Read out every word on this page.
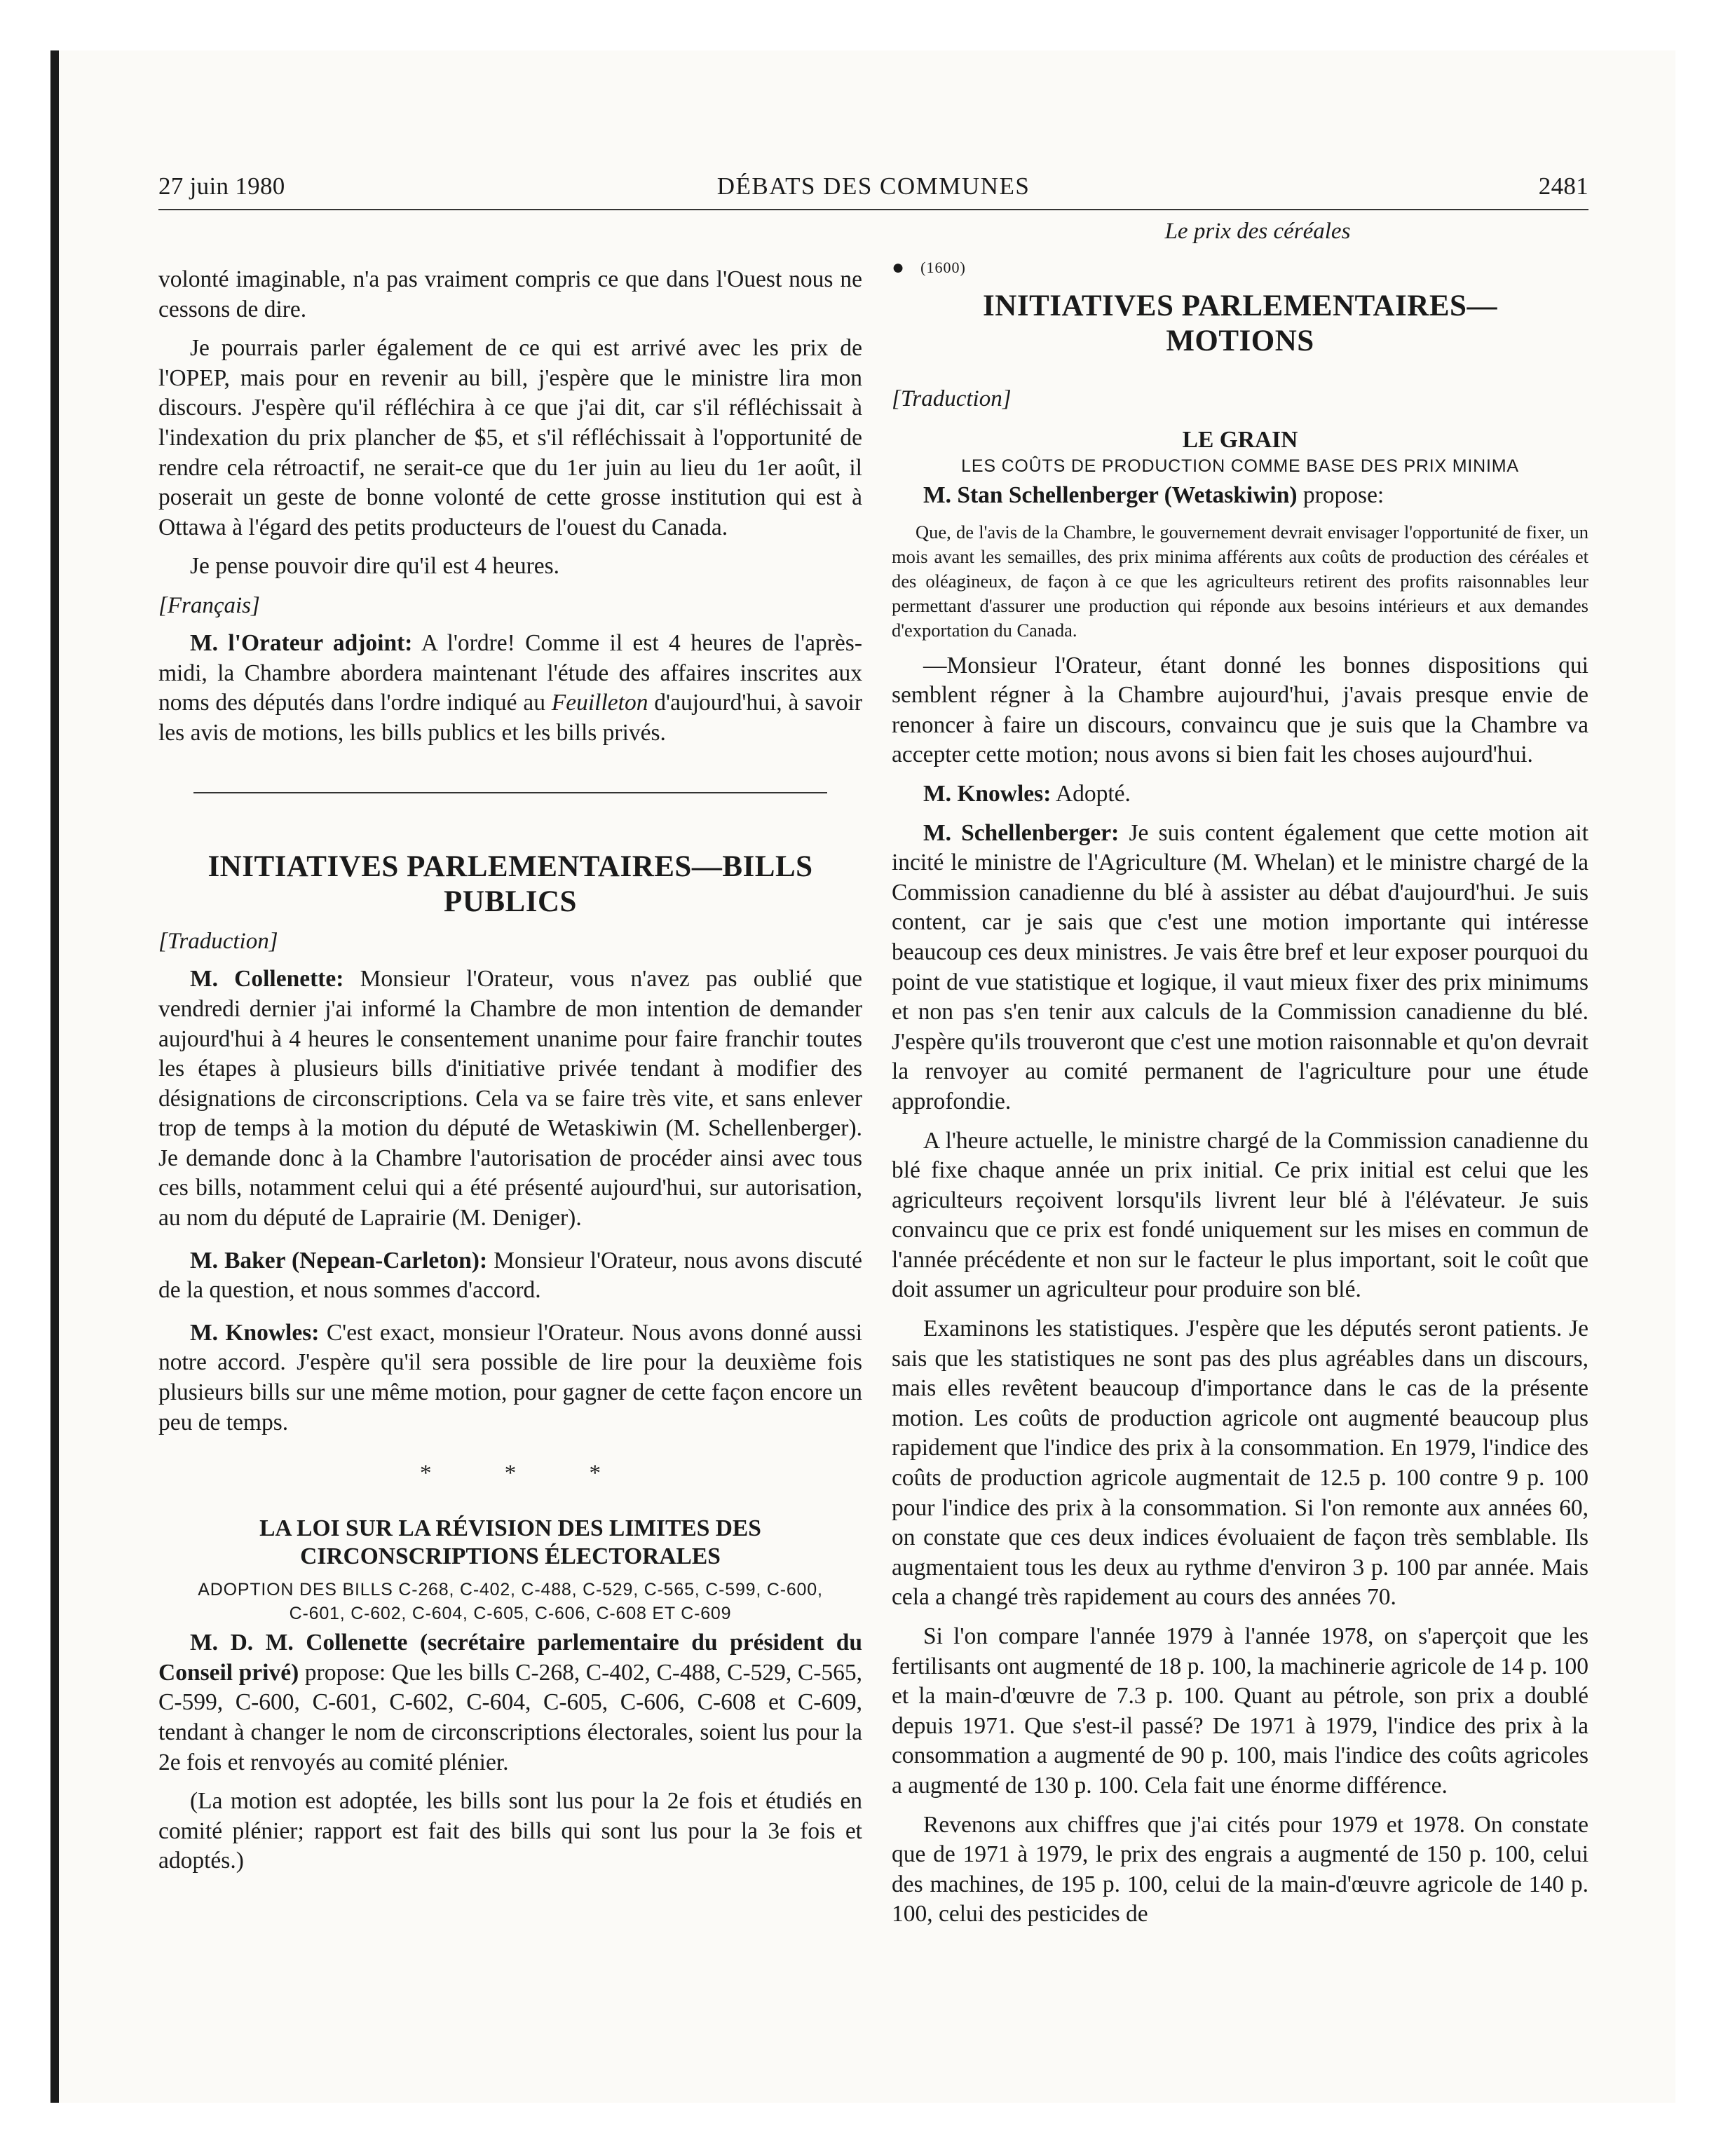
27 juin 1980	DÉBATS DES COMMUNES	2481

volonté imaginable, n'a pas vraiment compris ce que dans l'Ouest nous ne cessons de dire.

Je pourrais parler également de ce qui est arrivé avec les prix de l'OPEP, mais pour en revenir au bill, j'espère que le ministre lira mon discours. J'espère qu'il réfléchira à ce que j'ai dit, car s'il réfléchissait à l'indexation du prix plancher de $5, et s'il réfléchissait à l'opportunité de rendre cela rétroactif, ne serait-ce que du 1er juin au lieu du 1er août, il poserait un geste de bonne volonté de cette grosse institution qui est à Ottawa à l'égard des petits producteurs de l'ouest du Canada.

Je pense pouvoir dire qu'il est 4 heures.

[Français]

M. l'Orateur adjoint: A l'ordre! Comme il est 4 heures de l'après-midi, la Chambre abordera maintenant l'étude des affaires inscrites aux noms des députés dans l'ordre indiqué au Feuilleton d'aujourd'hui, à savoir les avis de motions, les bills publics et les bills privés.

INITIATIVES PARLEMENTAIRES—BILLS
PUBLICS

[Traduction]

M. Collenette: Monsieur l'Orateur, vous n'avez pas oublié que vendredi dernier j'ai informé la Chambre de mon intention de demander aujourd'hui à 4 heures le consentement unanime pour faire franchir toutes les étapes à plusieurs bills d'initiative privée tendant à modifier des désignations de circonscriptions. Cela va se faire très vite, et sans enlever trop de temps à la motion du député de Wetaskiwin (M. Schellenberger). Je demande donc à la Chambre l'autorisation de procéder ainsi avec tous ces bills, notamment celui qui a été présenté aujourd'hui, sur autorisation, au nom du député de Laprairie (M. Deniger).

M. Baker (Nepean-Carleton): Monsieur l'Orateur, nous avons discuté de la question, et nous sommes d'accord.

M. Knowles: C'est exact, monsieur l'Orateur. Nous avons donné aussi notre accord. J'espère qu'il sera possible de lire pour la deuxième fois plusieurs bills sur une même motion, pour gagner de cette façon encore un peu de temps.

* * *

LA LOI SUR LA RÉVISION DES LIMITES DES
CIRCONSCRIPTIONS ÉLECTORALES

ADOPTION DES BILLS C-268, C-402, C-488, C-529, C-565, C-599, C-600,
C-601, C-602, C-604, C-605, C-606, C-608 ET C-609

M. D. M. Collenette (secrétaire parlementaire du président du Conseil privé) propose: Que les bills C-268, C-402, C-488, C-529, C-565, C-599, C-600, C-601, C-602, C-604, C-605, C-606, C-608 et C-609, tendant à changer le nom de circonscriptions électorales, soient lus pour la 2e fois et renvoyés au comité plénier.

(La motion est adoptée, les bills sont lus pour la 2e fois et étudiés en comité plénier; rapport est fait des bills qui sont lus pour la 3e fois et adoptés.)

Le prix des céréales

● (1600)

INITIATIVES PARLEMENTAIRES—
MOTIONS

[Traduction]

LE GRAIN

LES COÛTS DE PRODUCTION COMME BASE DES PRIX MINIMA

M. Stan Schellenberger (Wetaskiwin) propose:

Que, de l'avis de la Chambre, le gouvernement devrait envisager l'opportunité de fixer, un mois avant les semailles, des prix minima afférents aux coûts de production des céréales et des oléagineux, de façon à ce que les agriculteurs retirent des profits raisonnables leur permettant d'assurer une production qui réponde aux besoins intérieurs et aux demandes d'exportation du Canada.

—Monsieur l'Orateur, étant donné les bonnes dispositions qui semblent régner à la Chambre aujourd'hui, j'avais presque envie de renoncer à faire un discours, convaincu que je suis que la Chambre va accepter cette motion; nous avons si bien fait les choses aujourd'hui.

M. Knowles: Adopté.

M. Schellenberger: Je suis content également que cette motion ait incité le ministre de l'Agriculture (M. Whelan) et le ministre chargé de la Commission canadienne du blé à assister au débat d'aujourd'hui. Je suis content, car je sais que c'est une motion importante qui intéresse beaucoup ces deux ministres. Je vais être bref et leur exposer pourquoi du point de vue statistique et logique, il vaut mieux fixer des prix minimums et non pas s'en tenir aux calculs de la Commission canadienne du blé. J'espère qu'ils trouveront que c'est une motion raisonnable et qu'on devrait la renvoyer au comité permanent de l'agriculture pour une étude approfondie.

A l'heure actuelle, le ministre chargé de la Commission canadienne du blé fixe chaque année un prix initial. Ce prix initial est celui que les agriculteurs reçoivent lorsqu'ils livrent leur blé à l'élévateur. Je suis convaincu que ce prix est fondé uniquement sur les mises en commun de l'année précédente et non sur le facteur le plus important, soit le coût que doit assumer un agriculteur pour produire son blé.

Examinons les statistiques. J'espère que les députés seront patients. Je sais que les statistiques ne sont pas des plus agréables dans un discours, mais elles revêtent beaucoup d'importance dans le cas de la présente motion. Les coûts de production agricole ont augmenté beaucoup plus rapidement que l'indice des prix à la consommation. En 1979, l'indice des coûts de production agricole augmentait de 12.5 p. 100 contre 9 p. 100 pour l'indice des prix à la consommation. Si l'on remonte aux années 60, on constate que ces deux indices évoluaient de façon très semblable. Ils augmentaient tous les deux au rythme d'environ 3 p. 100 par année. Mais cela a changé très rapidement au cours des années 70.

Si l'on compare l'année 1979 à l'année 1978, on s'aperçoit que les fertilisants ont augmenté de 18 p. 100, la machinerie agricole de 14 p. 100 et la main-d'œuvre de 7.3 p. 100. Quant au pétrole, son prix a doublé depuis 1971. Que s'est-il passé? De 1971 à 1979, l'indice des prix à la consommation a augmenté de 90 p. 100, mais l'indice des coûts agricoles a augmenté de 130 p. 100. Cela fait une énorme différence.

Revenons aux chiffres que j'ai cités pour 1979 et 1978. On constate que de 1971 à 1979, le prix des engrais a augmenté de 150 p. 100, celui des machines, de 195 p. 100, celui de la main-d'œuvre agricole de 140 p. 100, celui des pesticides de
